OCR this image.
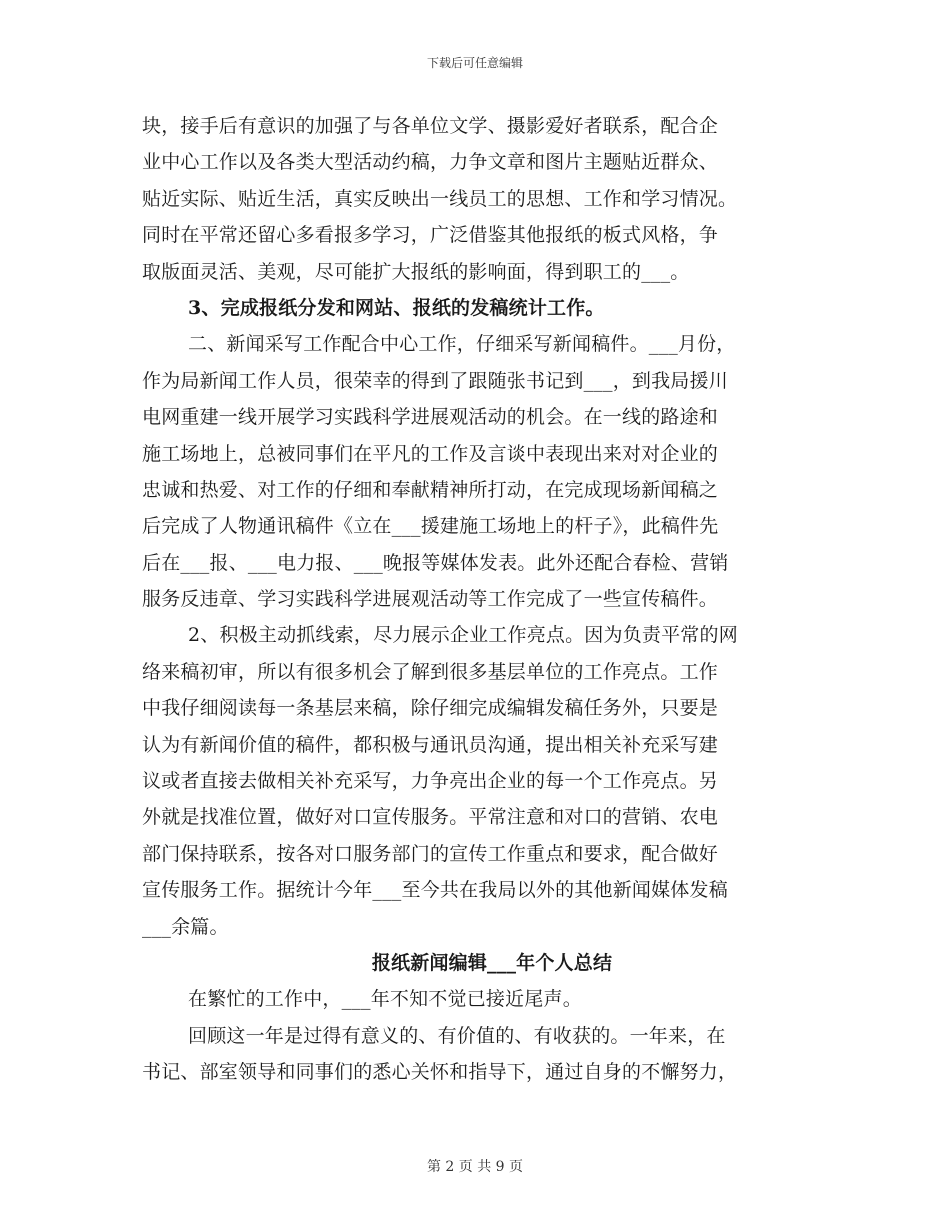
下载后可任意编辑
块，接手后有意识的加强了与各单位文学、摄影爱好者联系，配合企
业中心工作以及各类大型活动约稿，力争文章和图片主题贴近群众、
贴近实际、贴近生活，真实反映出一线员工的思想、工作和学习情况。
同时在平常还留心多看报多学习，广泛借鉴其他报纸的板式风格，争
取版面灵活、美观，尽可能扩大报纸的影响面，得到职工的___。
3、完成报纸分发和网站、报纸的发稿统计工作。
二、新闻采写工作配合中心工作，仔细采写新闻稿件。___月份，
作为局新闻工作人员，很荣幸的得到了跟随张书记到___，到我局援川
电网重建一线开展学习实践科学进展观活动的机会。在一线的路途和
施工场地上，总被同事们在平凡的工作及言谈中表现出来对对企业的
忠诚和热爱、对工作的仔细和奉献精神所打动，在完成现场新闻稿之
后完成了人物通讯稿件《立在___援建施工场地上的杆子》，此稿件先
后在___报、___电力报、___晚报等媒体发表。此外还配合春检、营销
服务反违章、学习实践科学进展观活动等工作完成了一些宣传稿件。
2、积极主动抓线索，尽力展示企业工作亮点。因为负责平常的网
络来稿初审，所以有很多机会了解到很多基层单位的工作亮点。工作
中我仔细阅读每一条基层来稿，除仔细完成编辑发稿任务外，只要是
认为有新闻价值的稿件，都积极与通讯员沟通，提出相关补充采写建
议或者直接去做相关补充采写，力争亮出企业的每一个工作亮点。另
外就是找准位置，做好对口宣传服务。平常注意和对口的营销、农电
部门保持联系，按各对口服务部门的宣传工作重点和要求，配合做好
宣传服务工作。据统计今年___至今共在我局以外的其他新闻媒体发稿
___余篇。
报纸新闻编辑___年个人总结
在繁忙的工作中，___年不知不觉已接近尾声。
回顾这一年是过得有意义的、有价值的、有收获的。一年来，在
书记、部室领导和同事们的悉心关怀和指导下，通过自身的不懈努力，
第 2 页 共 9 页
